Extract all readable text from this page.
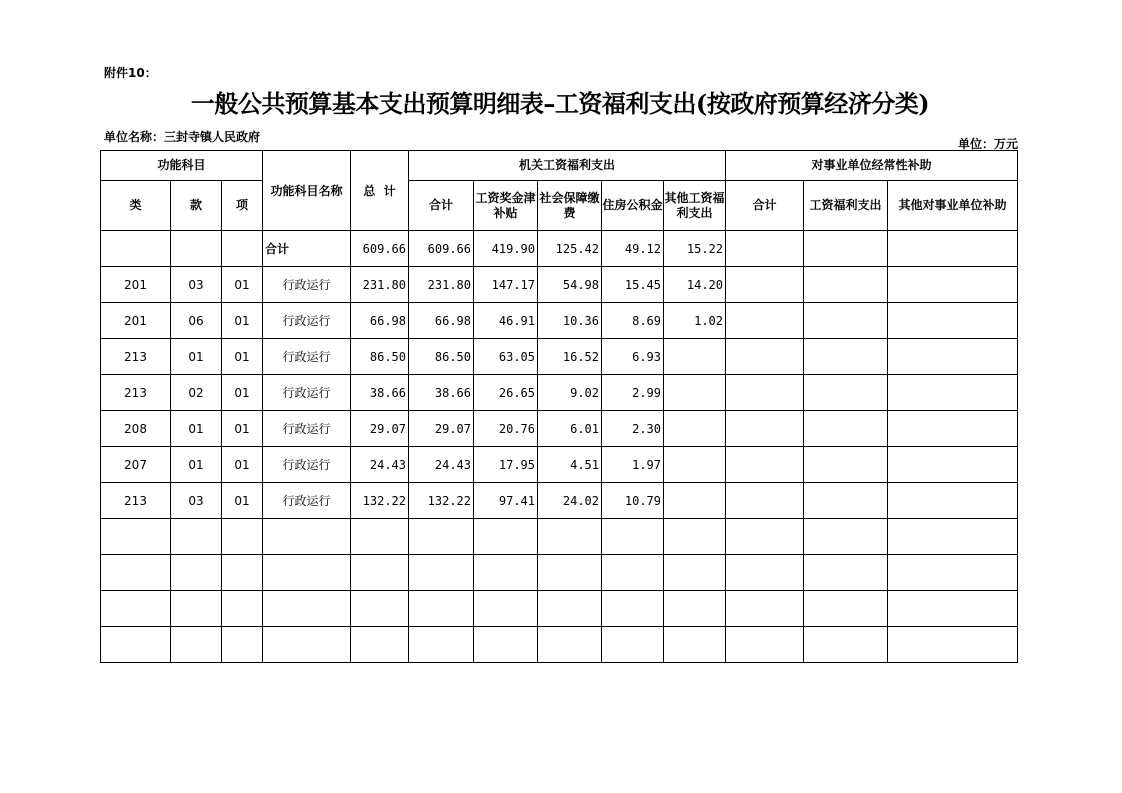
附件10：
一般公共预算基本支出预算明细表–工资福利支出(按政府预算经济分类)
单位名称：三封寺镇人民政府	单位：万元
功能科目			功能科目名称	总  计	机关工资福利支出					对事业单位经常性补助		
类	款	项			合计	工资奖金津补贴	社会保障缴费	住房公积金	其他工资福利支出	合计	工资福利支出	其他对事业单位补助
			合计	609.66	609.66	419.90	125.42	49.12	15.22			
201	03	01	行政运行	231.80	231.80	147.17	54.98	15.45	14.20			
201	06	01	行政运行	66.98	66.98	46.91	10.36	8.69	1.02			
213	01	01	行政运行	86.50	86.50	63.05	16.52	6.93				
213	02	01	行政运行	38.66	38.66	26.65	9.02	2.99				
208	01	01	行政运行	29.07	29.07	20.76	6.01	2.30				
207	01	01	行政运行	24.43	24.43	17.95	4.51	1.97				
213	03	01	行政运行	132.22	132.22	97.41	24.02	10.79				
